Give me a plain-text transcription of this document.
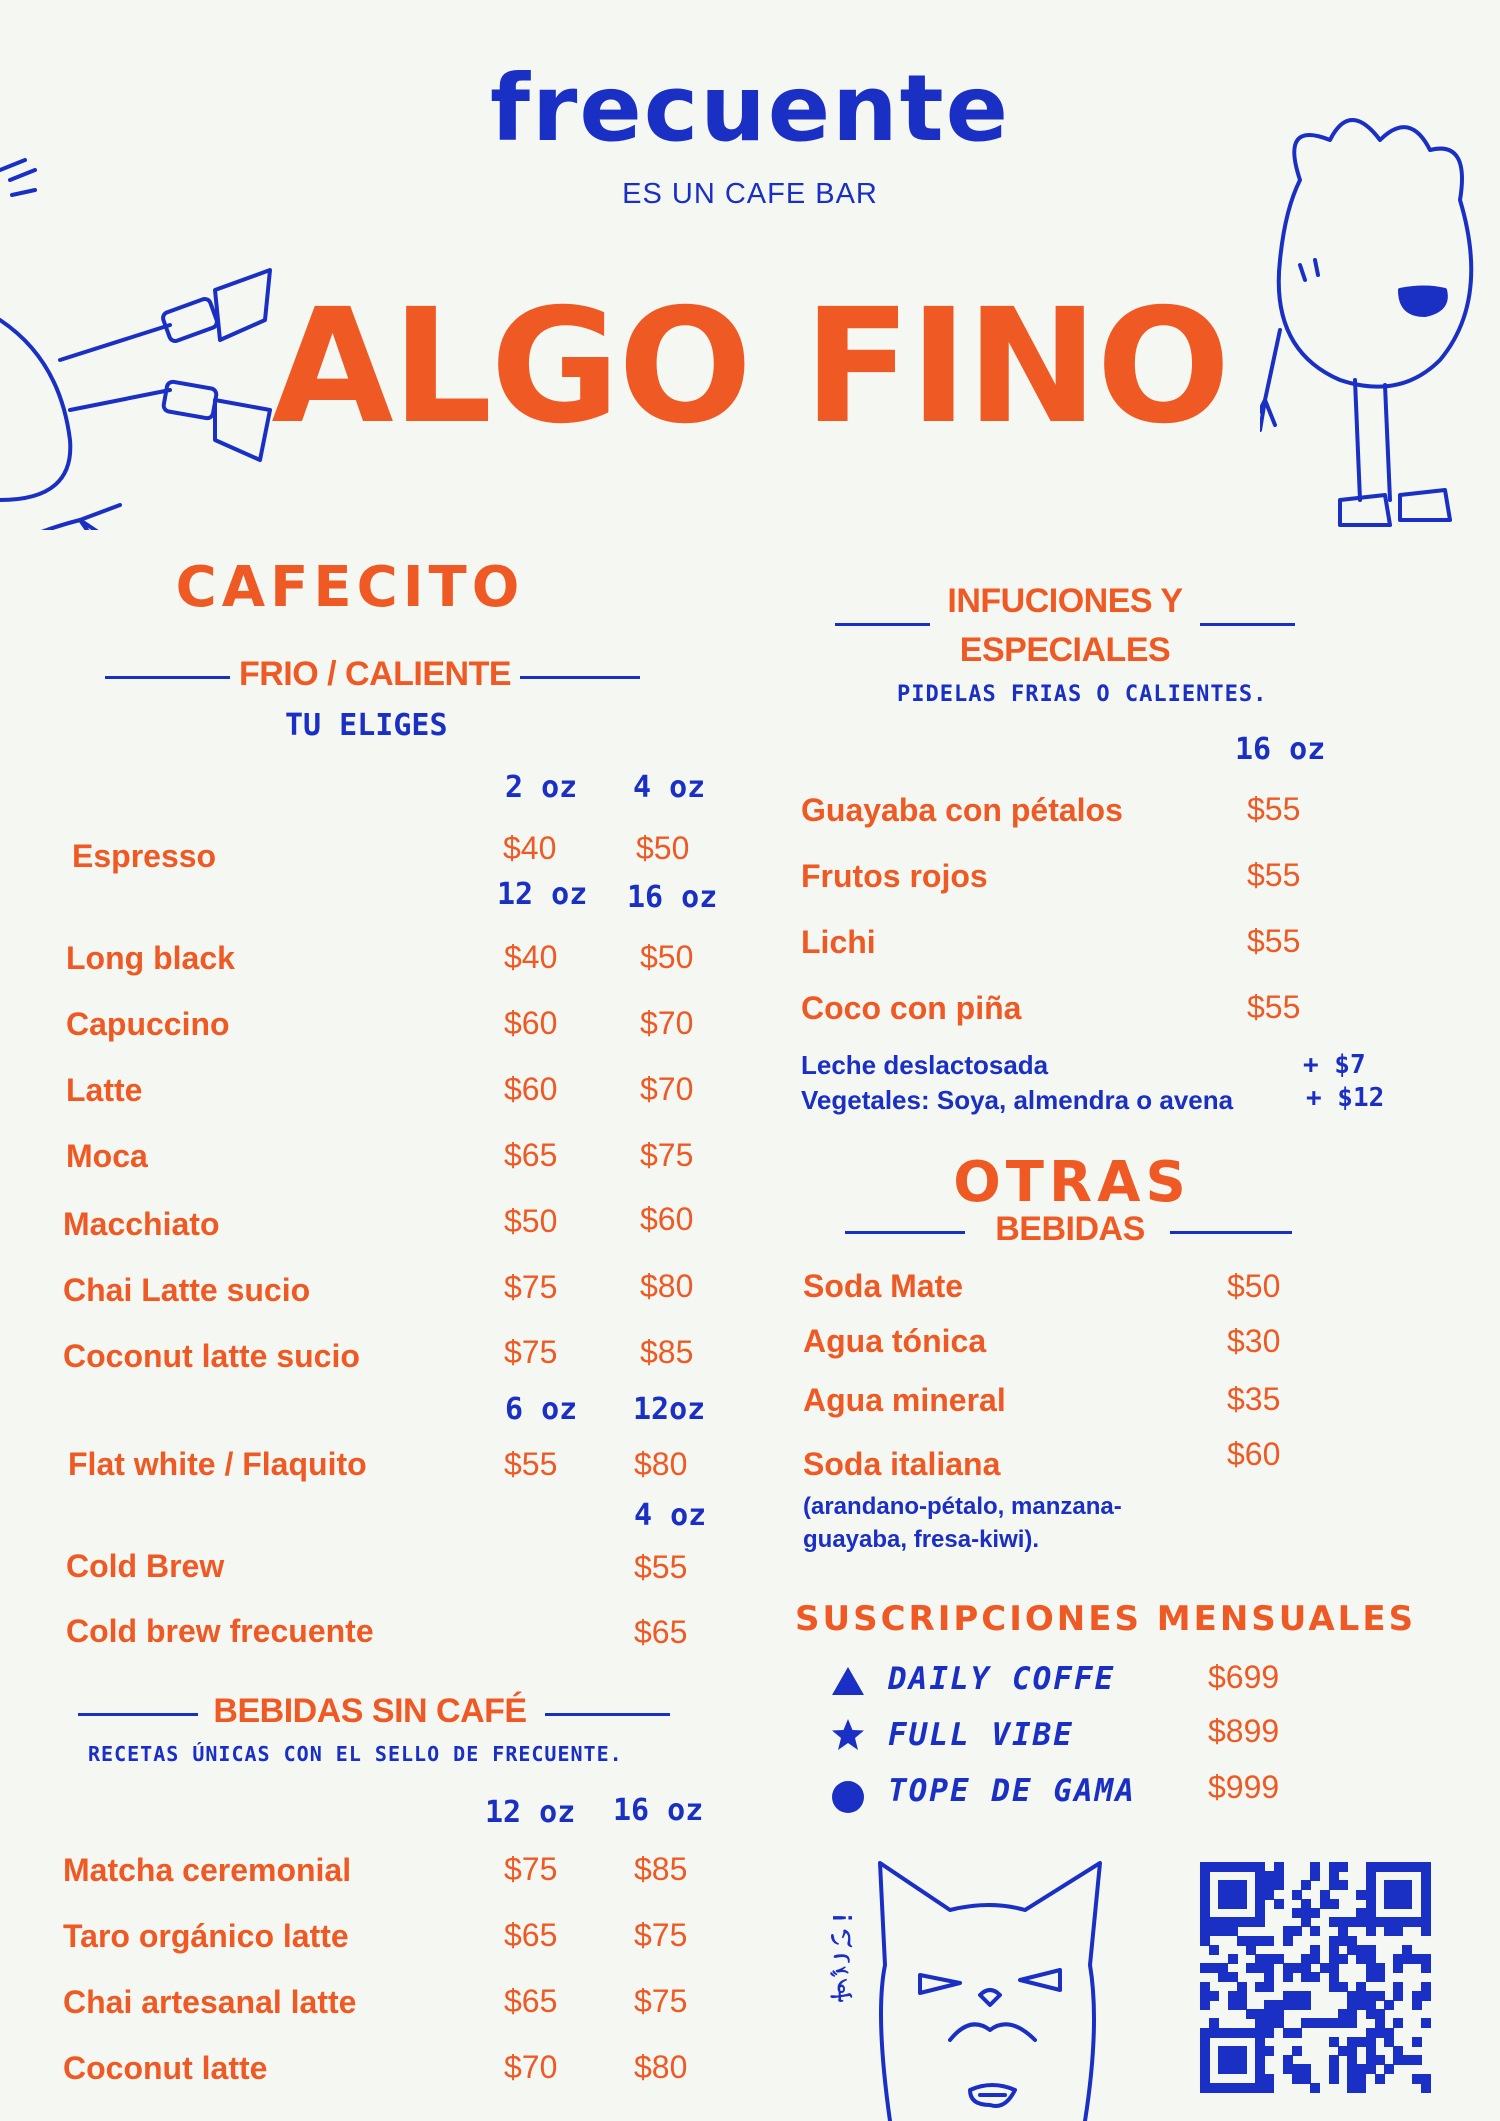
frecuente
ES UN CAFE BAR
ALGO FINO
CAFECITO
FRIO / CALIENTE
TU ELIGES
2 oz 4 oz
Espresso	$40 $50
12 oz 16 oz
Long black	$40	$50
Capuccino	$60	$70
Latte	$60	$70
Moca	$65	$75
Macchiato	$50	$60
Chai Latte sucio	$75	$80
Coconut latte sucio	$75	$85
6 oz 12oz
Flat white / Flaquito	$55 $80
4 oz
Cold Brew	$55
Cold brew frecuente	$65
BEBIDAS SIN CAFÉ
RECETAS ÚNICAS CON EL SELLO DE FRECUENTE.
12 oz 16 oz
Matcha ceremonial	$75 $85
Taro orgánico latte	$65 $75
Chai artesanal latte	$65 $75
Coconut latte	$70 $80
INFUCIONES Y
ESPECIALES
PIDELAS FRIAS O CALIENTES.
16 oz
Guayaba con pétalos	$55
Frutos rojos	$55
Lichi	$55
Coco con piña	$55
Leche deslactosada	+ $7
Vegetales: Soya, almendra o avena	+ $12
OTRAS
BEBIDAS
Soda Mate	$50
Agua tónica	$30
Agua mineral	$35
Soda italiana	$60
(arandano-pétalo, manzana-
guayaba, fresa-kiwi).
SUSCRIPCIONES MENSUALES
DAILY COFFE	$699
FULL VIBE	$899
TOPE DE GAMA $999
すごい!
